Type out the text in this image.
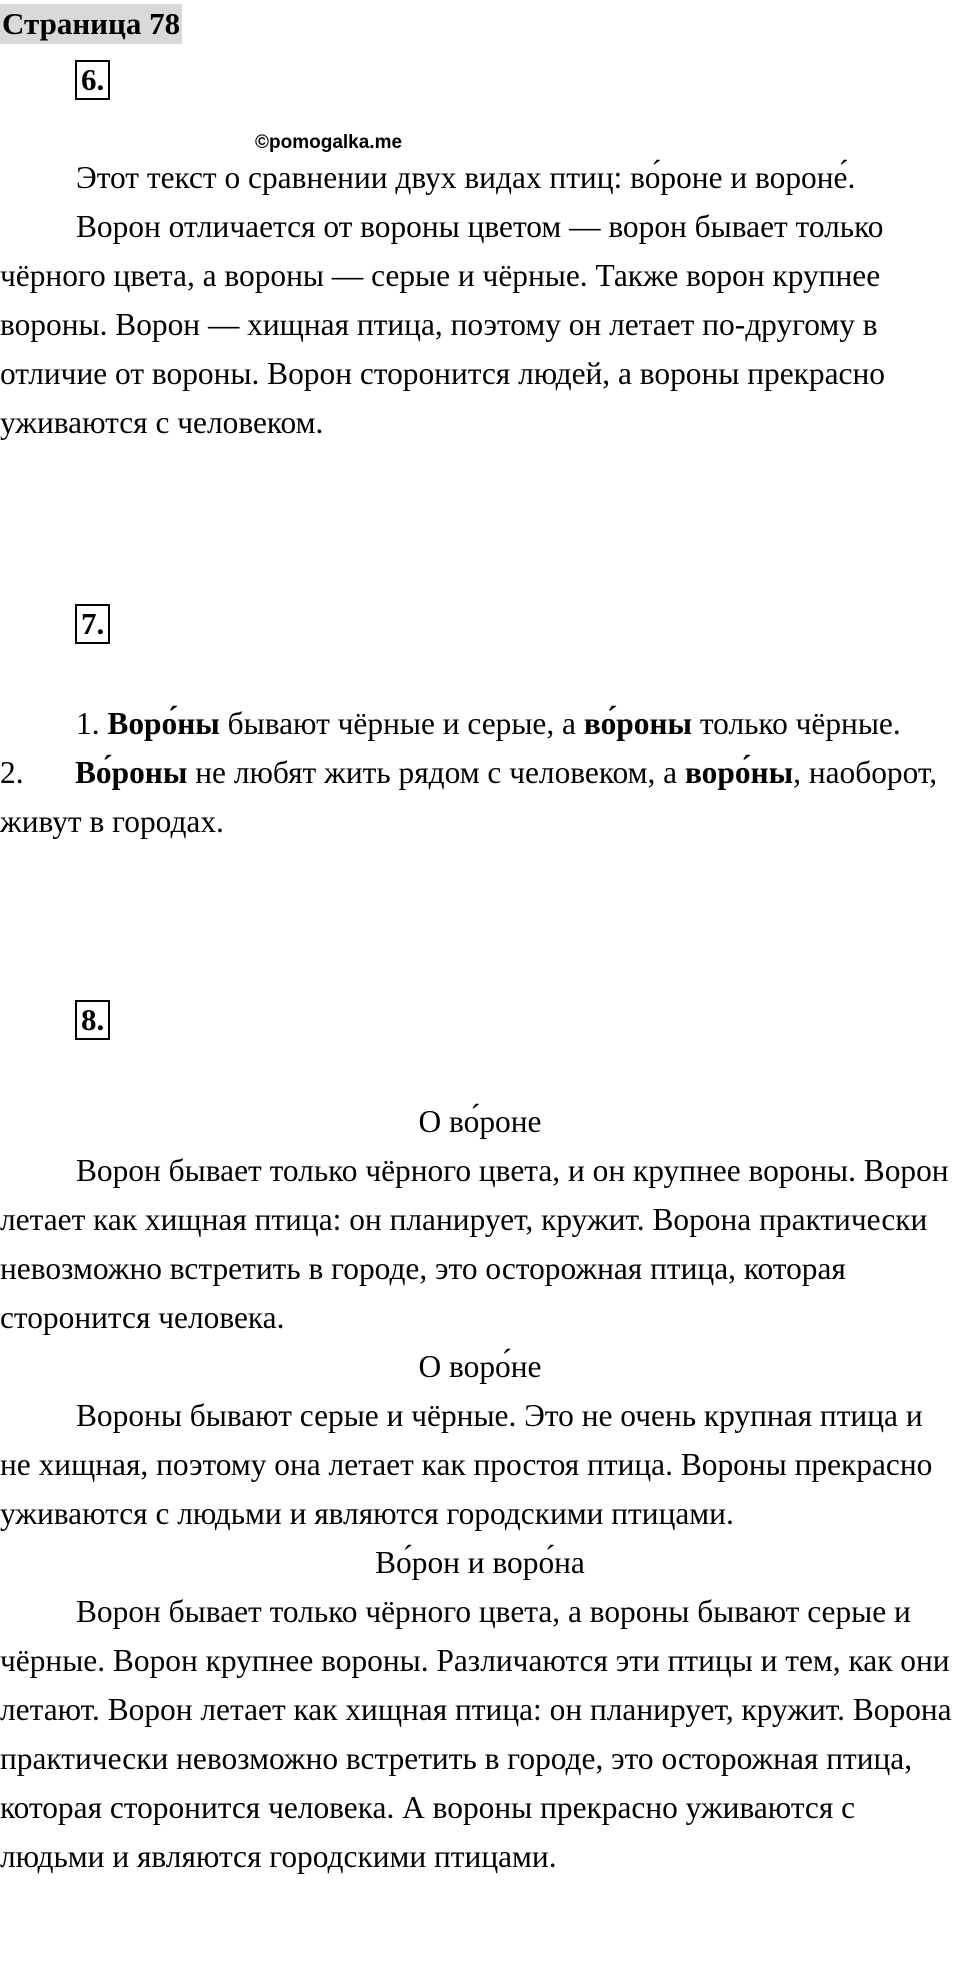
Страница 78
6.
©pomogalka.me

Этот текст о сравнении двух видах птиц: во́роне и вороне́.

Ворон отличается от вороны цветом — ворон бывает только чёрного цвета, а вороны — серые и чёрные. Также ворон крупнее вороны. Ворон — хищная птица, поэтому он летает по-другому в отличие от вороны. Ворон сторонится людей, а вороны прекрасно уживаются с человеком.

7.

1. Воро́ны бывают чёрные и серые, а во́роны только чёрные.

2. Во́роны не любят жить рядом с человеком, а воро́ны, наоборот, живут в городах.

8.

О во́роне

Ворон бывает только чёрного цвета, и он крупнее вороны. Ворон летает как хищная птица: он планирует, кружит. Ворона практически невозможно встретить в городе, это осторожная птица, которая сторонится человека.

О воро́не

Вороны бывают серые и чёрные. Это не очень крупная птица и не хищная, поэтому она летает как простоя птица. Вороны прекрасно уживаются с людьми и являются городскими птицами.

Во́рон и воро́на

Ворон бывает только чёрного цвета, а вороны бывают серые и чёрные. Ворон крупнее вороны. Различаются эти птицы и тем, как они летают. Ворон летает как хищная птица: он планирует, кружит. Ворона практически невозможно встретить в городе, это осторожная птица, которая сторонится человека. А вороны прекрасно уживаются с людьми и являются городскими птицами.
